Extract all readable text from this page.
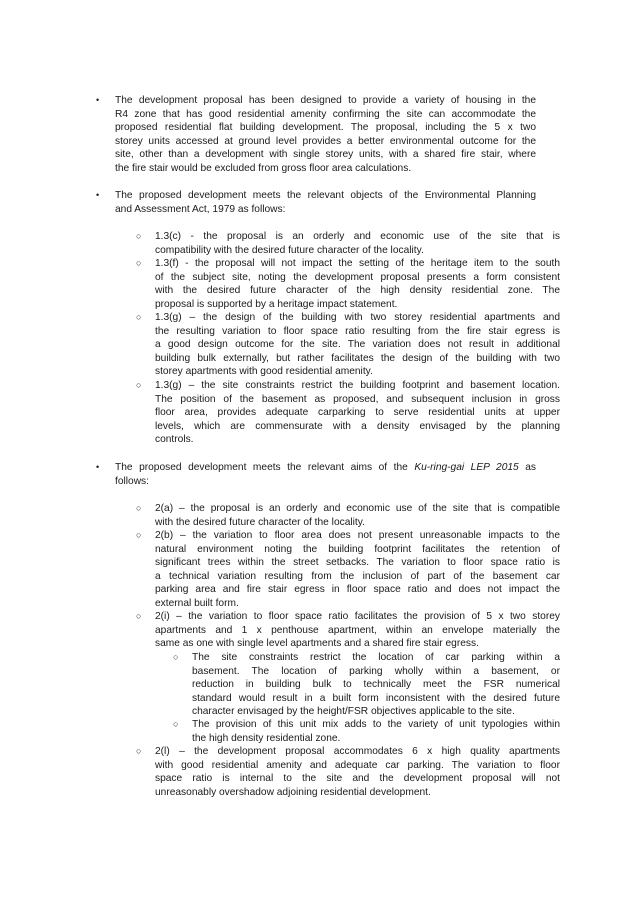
• The development proposal has been designed to provide a variety of housing in the
R4 zone that has good residential amenity confirming the site can accommodate the
proposed residential flat building development. The proposal, including the 5 x two
storey units accessed at ground level provides a better environmental outcome for the
site, other than a development with single storey units, with a shared fire stair, where
the fire stair would be excluded from gross floor area calculations.
• The proposed development meets the relevant objects of the Environmental Planning
and Assessment Act, 1979 as follows:
○ 1.3(c) - the proposal is an orderly and economic use of the site that is
compatibility with the desired future character of the locality.
○ 1.3(f) - the proposal will not impact the setting of the heritage item to the south
of the subject site, noting the development proposal presents a form consistent
with the desired future character of the high density residential zone. The
proposal is supported by a heritage impact statement.
○ 1.3(g) – the design of the building with two storey residential apartments and
the resulting variation to floor space ratio resulting from the fire stair egress is
a good design outcome for the site. The variation does not result in additional
building bulk externally, but rather facilitates the design of the building with two
storey apartments with good residential amenity.
○ 1.3(g) – the site constraints restrict the building footprint and basement location.
The position of the basement as proposed, and subsequent inclusion in gross
floor area, provides adequate carparking to serve residential units at upper
levels, which are commensurate with a density envisaged by the planning
controls.
• The proposed development meets the relevant aims of the Ku-ring-gai LEP 2015 as
follows:
○ 2(a) – the proposal is an orderly and economic use of the site that is compatible
with the desired future character of the locality.
○ 2(b) – the variation to floor area does not present unreasonable impacts to the
natural environment noting the building footprint facilitates the retention of
significant trees within the street setbacks. The variation to floor space ratio is
a technical variation resulting from the inclusion of part of the basement car
parking area and fire stair egress in floor space ratio and does not impact the
external built form.
○ 2(i) – the variation to floor space ratio facilitates the provision of 5 x two storey
apartments and 1 x penthouse apartment, within an envelope materially the
same as one with single level apartments and a shared fire stair egress.
○ The site constraints restrict the location of car parking within a
basement. The location of parking wholly within a basement, or
reduction in building bulk to technically meet the FSR numerical
standard would result in a built form inconsistent with the desired future
character envisaged by the height/FSR objectives applicable to the site.
○ The provision of this unit mix adds to the variety of unit typologies within
the high density residential zone.
○ 2(l) – the development proposal accommodates 6 x high quality apartments
with good residential amenity and adequate car parking. The variation to floor
space ratio is internal to the site and the development proposal will not
unreasonably overshadow adjoining residential development.
